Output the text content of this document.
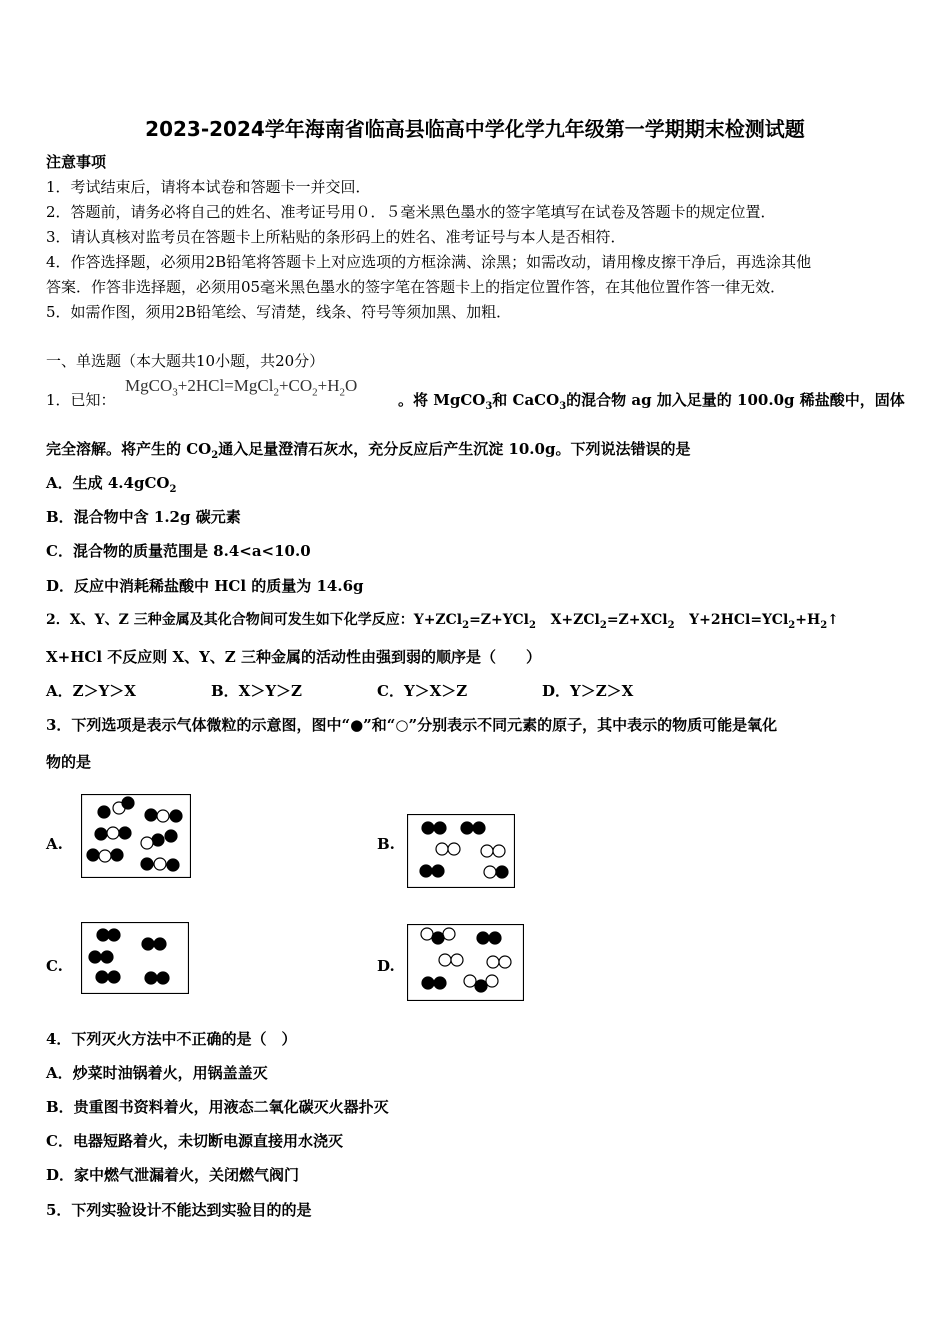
2023-2024学年海南省临高县临高中学化学九年级第一学期期末检测试题
注意事项
1．考试结束后，请将本试卷和答题卡一并交回．
2．答题前，请务必将自己的姓名、准考证号用０．５毫米黑色墨水的签字笔填写在试卷及答题卡的规定位置．
3．请认真核对监考员在答题卡上所粘贴的条形码上的姓名、准考证号与本人是否相符．
4．作答选择题，必须用2B铅笔将答题卡上对应选项的方框涂满、涂黑；如需改动，请用橡皮擦干净后，再选涂其他
答案．作答非选择题，必须用05毫米黑色墨水的签字笔在答题卡上的指定位置作答，在其他位置作答一律无效．
5．如需作图，须用2B铅笔绘、写清楚，线条、符号等须加黑、加粗．
一、单选题（本大题共10小题，共20分）
1．已知：
$MgCO_3+2HCl=MgCl_2+CO_2+H_2O$
。将 MgCO$_3$和 CaCO$_3$的混合物 ag 加入足量的 100.0g 稀盐酸中，固体
完全溶解。将产生的 $CO_2$通入足量澄清石灰水，充分反应后产生沉淀 10.0g。下列说法错误的是
A．生成 4.4gCO$_2$
B．混合物中含 1.2g 碳元素
C．混合物的质量范围是 8.4<a<10.0
D．反应中消耗稀盐酸中 HCl 的质量为 14.6g
2．X、Y、Z 三种金属及其化合物间可发生如下化学反应：Y+ZCl$_2$=Z+YCl$_2$ X+ZCl$_2$=Z+XCl$_2$ $Y+2HCl=YCl_2+H_2↑$
X+HCl 不反应则 X、Y、Z 三种金属的活动性由强到弱的顺序是（　　）
A．Z＞Y＞X	B．X＞Y＞Z	C．Y＞X＞Z	D．Y＞Z＞X
3．下列选项是表示气体微粒的示意图，图中“●”和“○”分别表示不同元素的原子，其中表示的物质可能是氧化
物的是
A.	B.
C.	D.
4．下列灭火方法中不正确的是（　）
A．炒菜时油锅着火，用锅盖盖灭
B．贵重图书资料着火，用液态二氧化碳灭火器扑灭
C．电器短路着火，未切断电源直接用水浇灭
D．家中燃气泄漏着火，关闭燃气阀门
5．下列实验设计不能达到实验目的的是
